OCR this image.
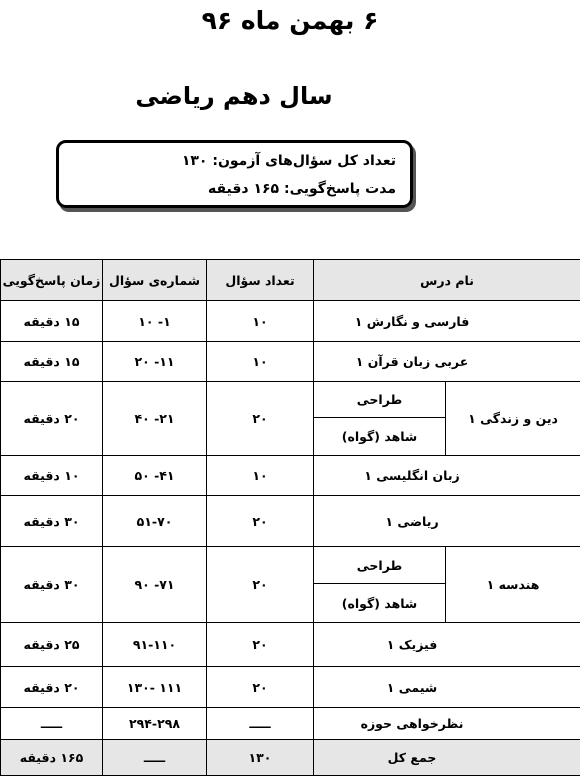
۶ بهمن ماه ۹۶
سال دهم ریاضی
تعداد کل سؤال‌های آزمون: ۱۳۰
مدت پاسخ‌گویی: ۱۶۵ دقیقه
نام درس		تعداد سؤال	شماره‌ی سؤال	زمان پاسخ‌گویی
فارسی و نگارش ۱		۱۰	۱- ۱۰	۱۵ دقیقه
عربی زبان قرآن ۱		۱۰	۱۱- ۲۰	۱۵ دقیقه
دین و زندگی ۱	طراحی	۲۰	۲۱- ۴۰	۲۰ دقیقه
	شاهد (گواه)			
زبان انگلیسی ۱		۱۰	۴۱- ۵۰	۱۰ دقیقه
ریاضی ۱		۲۰	۵۱-۷۰	۳۰ دقیقه
هندسه ۱	طراحی	۲۰	۷۱- ۹۰	۳۰ دقیقه
	شاهد (گواه)			
فیزیک ۱		۲۰	۹۱-۱۱۰	۲۵ دقیقه
شیمی ۱		۲۰	۱۱۱ -۱۳۰	۲۰ دقیقه
نظرخواهی حوزه		ـــــ	۲۹۴-۲۹۸	ـــــ
جمع کل		۱۳۰	ـــــ	۱۶۵ دقیقه
